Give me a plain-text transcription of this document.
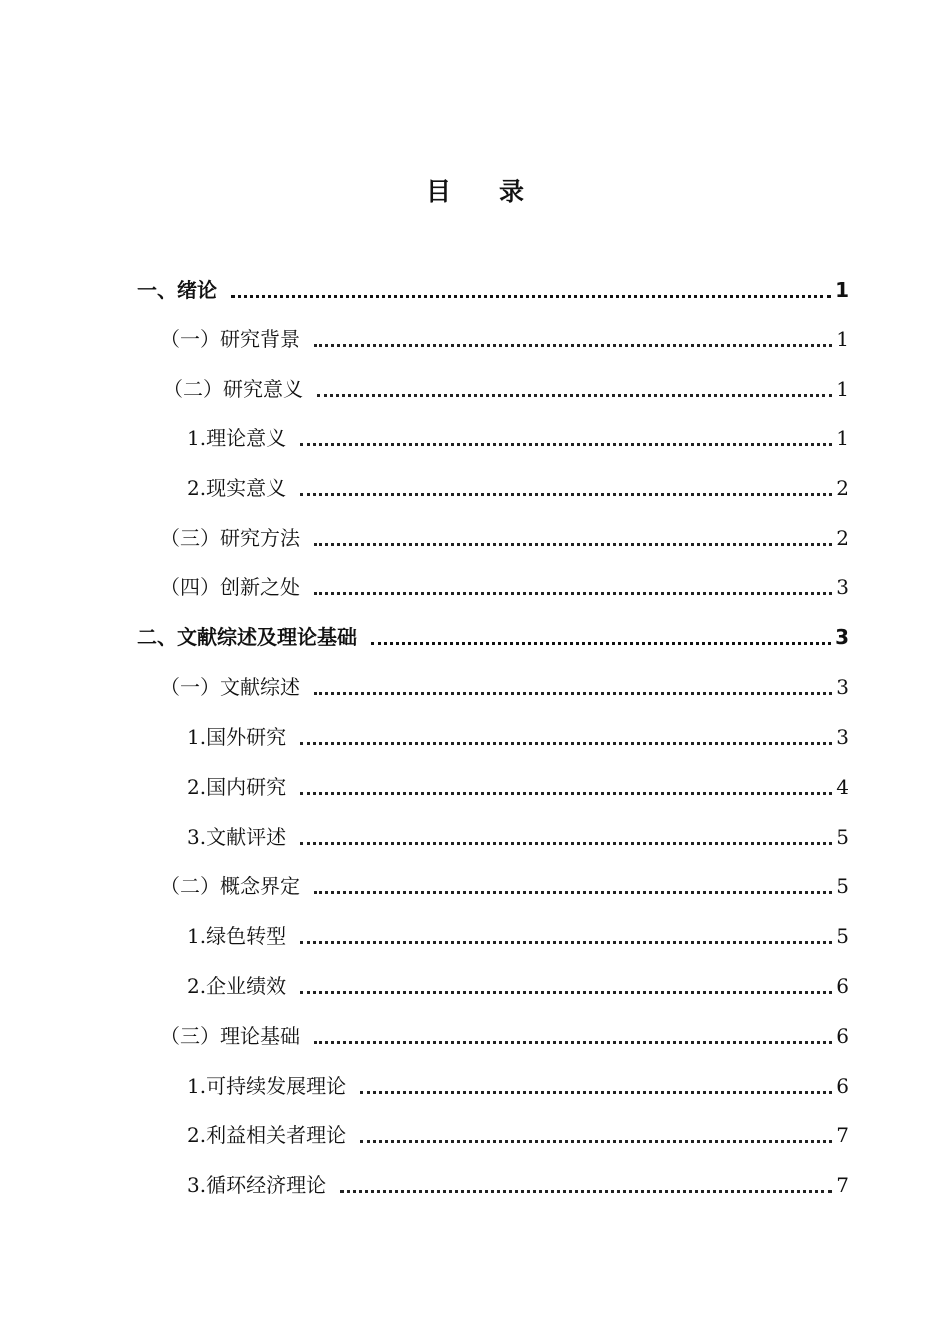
目 录
一、绪论	1
（一）研究背景	1
（二）研究意义	1
1.理论意义	1
2.现实意义	2
（三）研究方法	2
（四）创新之处	3
二、文献综述及理论基础	3
（一）文献综述	3
1.国外研究	3
2.国内研究	4
3.文献评述	5
（二）概念界定	5
1.绿色转型	5
2.企业绩效	6
（三）理论基础	6
1.可持续发展理论	6
2.利益相关者理论	7
3.循环经济理论	7
